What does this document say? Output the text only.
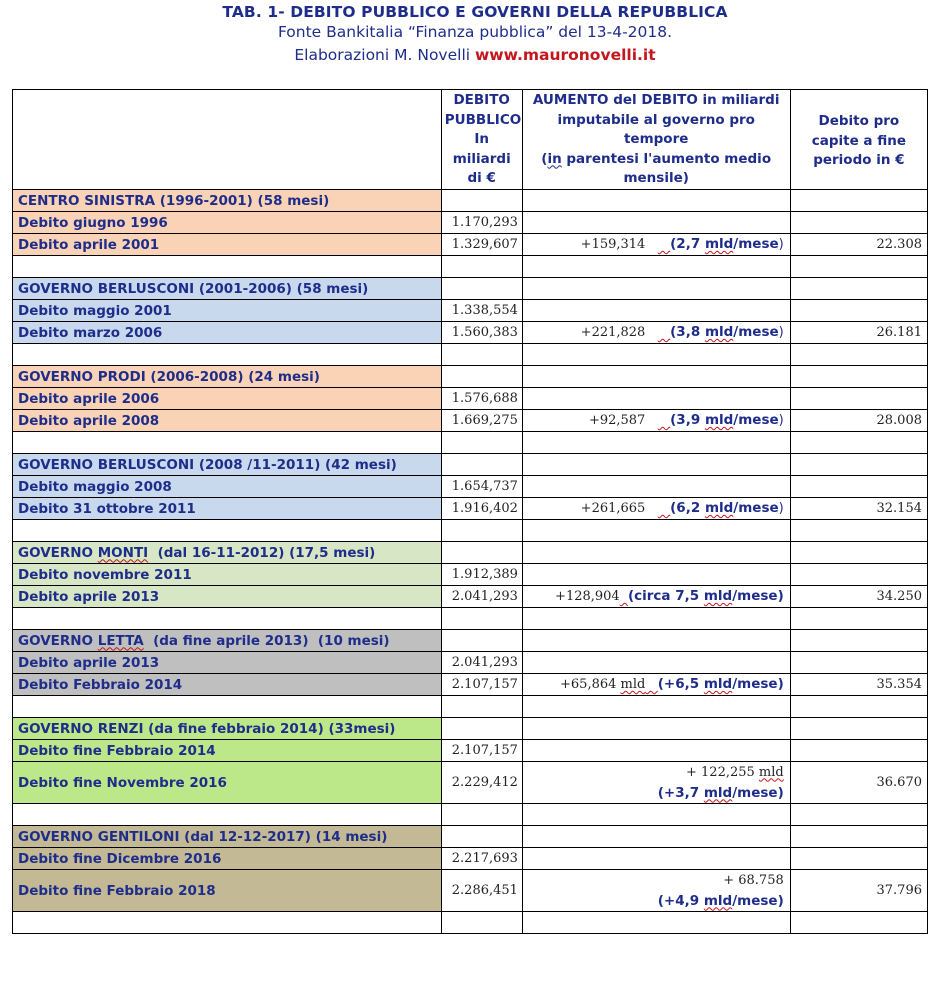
TAB. 1- DEBITO PUBBLICO E GOVERNI DELLA REPUBBLICA
Fonte Bankitalia “Finanza pubblica” del 13-4-2018.
Elaborazioni M. Novelli www.mauronovelli.it
	DEBITO
PUBBLICO
In
miliardi
di €	AUMENTO del DEBITO in miliardi
imputabile al governo pro
tempore
(in parentesi l'aumento medio
mensile)	Debito pro
capite a fine
periodo in €
CENTRO SINISTRA (1996-2001) (58 mesi)			
Debito giugno 1996	1.170,293		
Debito aprile 2001	1.329,607	+159,314 (2,7 mld/mese)	22.308

GOVERNO BERLUSCONI (2001-2006) (58 mesi)			
Debito maggio 2001	1.338,554		
Debito marzo 2006	1.560,383	+221,828 (3,8 mld/mese)	26.181

GOVERNO PRODI (2006-2008) (24 mesi)			
Debito aprile 2006	1.576,688		
Debito aprile 2008	1.669,275	+92,587 (3,9 mld/mese)	28.008

GOVERNO BERLUSCONI (2008 /11-2011) (42 mesi)			
Debito maggio 2008	1.654,737		
Debito 31 ottobre 2011	1.916,402	+261,665 (6,2 mld/mese)	32.154

GOVERNO MONTI  (dal 16-11-2012) (17,5 mesi)			
Debito novembre 2011	1.912,389		
Debito aprile 2013	2.041,293	+128,904 (circa 7,5 mld/mese)	34.250

GOVERNO LETTA  (da fine aprile 2013)  (10 mesi)			
Debito aprile 2013	2.041,293		
Debito Febbraio 2014	2.107,157	+65,864 mld (+6,5 mld/mese)	35.354

GOVERNO RENZI (da fine febbraio 2014) (33mesi)			
Debito fine Febbraio 2014	2.107,157		
Debito fine Novembre 2016	2.229,412	+ 122,255 mld
(+3,7 mld/mese)	36.670

GOVERNO GENTILONI (dal 12-12-2017) (14 mesi)			
Debito fine Dicembre 2016	2.217,693		
Debito fine Febbraio 2018	2.286,451	+ 68.758
(+4,9 mld/mese)	37.796
